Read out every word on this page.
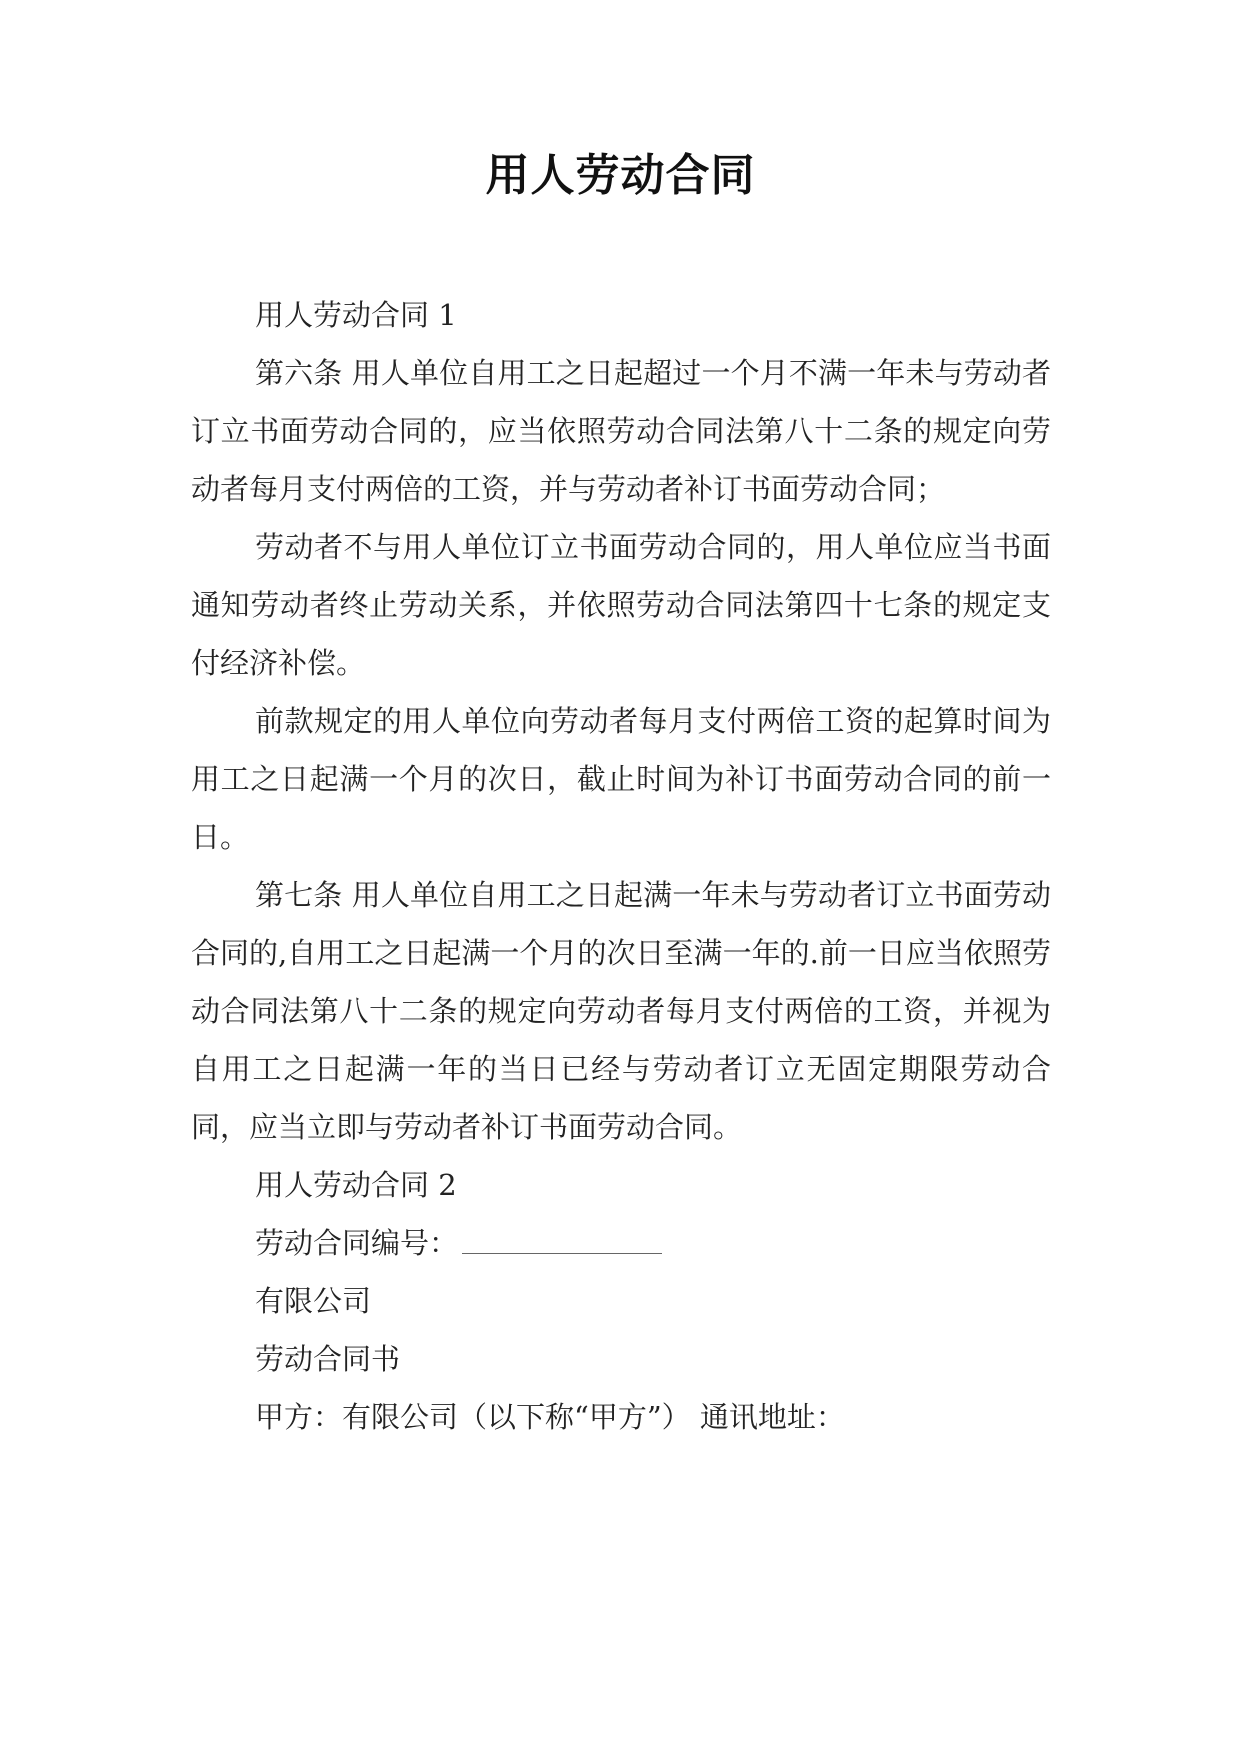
用人劳动合同

用人劳动合同 1

第六条 用人单位自用工之日起超过一个月不满一年未与劳动者订立书面劳动合同的，应当依照劳动合同法第八十二条的规定向劳动者每月支付两倍的工资，并与劳动者补订书面劳动合同；

劳动者不与用人单位订立书面劳动合同的，用人单位应当书面通知劳动者终止劳动关系，并依照劳动合同法第四十七条的规定支付经济补偿。

前款规定的用人单位向劳动者每月支付两倍工资的起算时间为用工之日起满一个月的次日，截止时间为补订书面劳动合同的前一日。

第七条 用人单位自用工之日起满一年未与劳动者订立书面劳动合同的,自用工之日起满一个月的次日至满一年的.前一日应当依照劳动合同法第八十二条的规定向劳动者每月支付两倍的工资，并视为自用工之日起满一年的当日已经与劳动者订立无固定期限劳动合同，应当立即与劳动者补订书面劳动合同。

用人劳动合同 2

劳动合同编号：

有限公司

劳动合同书

甲方：有限公司（以下称“甲方”） 通讯地址：
